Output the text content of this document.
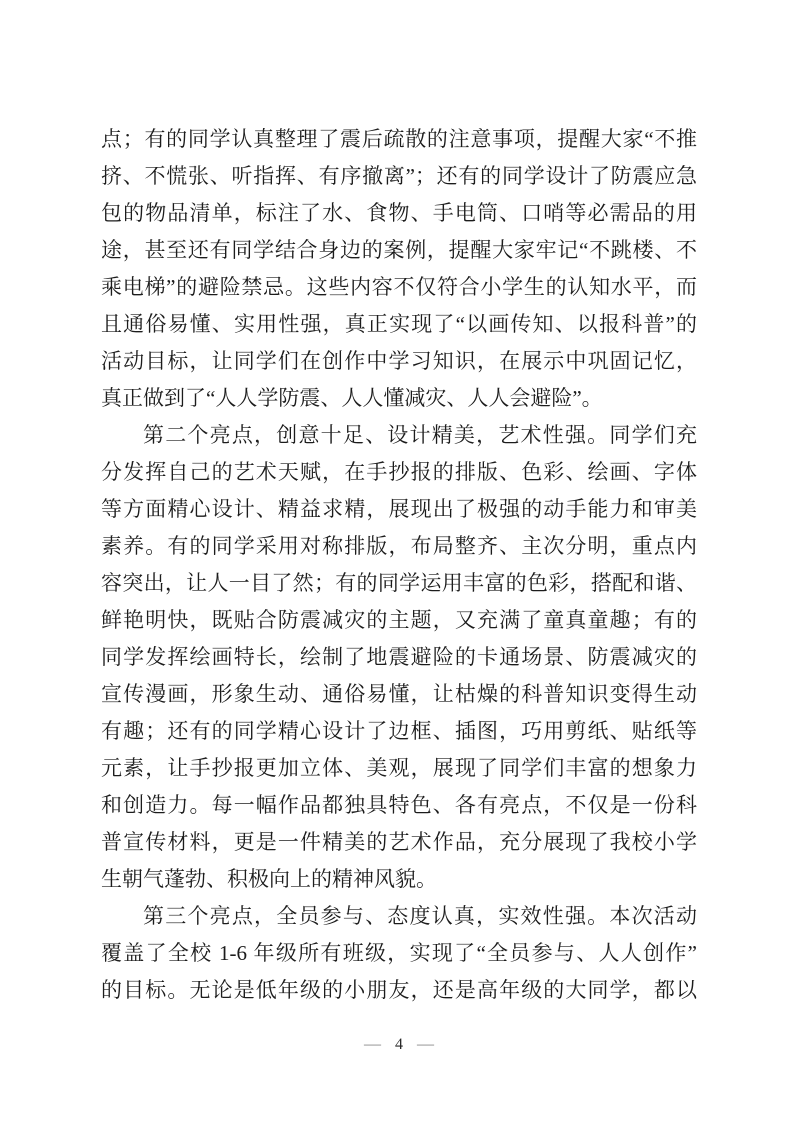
点；有的同学认真整理了震后疏散的注意事项，提醒大家“不推
挤、不慌张、听指挥、有序撤离”；还有的同学设计了防震应急
包的物品清单，标注了水、食物、手电筒、口哨等必需品的用
途，甚至还有同学结合身边的案例，提醒大家牢记“不跳楼、不
乘电梯”的避险禁忌。这些内容不仅符合小学生的认知水平，而
且通俗易懂、实用性强，真正实现了“以画传知、以报科普”的
活动目标，让同学们在创作中学习知识，在展示中巩固记忆，
真正做到了“人人学防震、人人懂减灾、人人会避险”。
第二个亮点，创意十足、设计精美，艺术性强。同学们充
分发挥自己的艺术天赋，在手抄报的排版、色彩、绘画、字体
等方面精心设计、精益求精，展现出了极强的动手能力和审美
素养。有的同学采用对称排版，布局整齐、主次分明，重点内
容突出，让人一目了然；有的同学运用丰富的色彩，搭配和谐、
鲜艳明快，既贴合防震减灾的主题，又充满了童真童趣；有的
同学发挥绘画特长，绘制了地震避险的卡通场景、防震减灾的
宣传漫画，形象生动、通俗易懂，让枯燥的科普知识变得生动
有趣；还有的同学精心设计了边框、插图，巧用剪纸、贴纸等
元素，让手抄报更加立体、美观，展现了同学们丰富的想象力
和创造力。每一幅作品都独具特色、各有亮点，不仅是一份科
普宣传材料，更是一件精美的艺术作品，充分展现了我校小学
生朝气蓬勃、积极向上的精神风貌。
第三个亮点，全员参与、态度认真，实效性强。本次活动
覆盖了全校 1-6 年级所有班级，实现了“全员参与、人人创作”
的目标。无论是低年级的小朋友，还是高年级的大同学，都以
— 4 —
